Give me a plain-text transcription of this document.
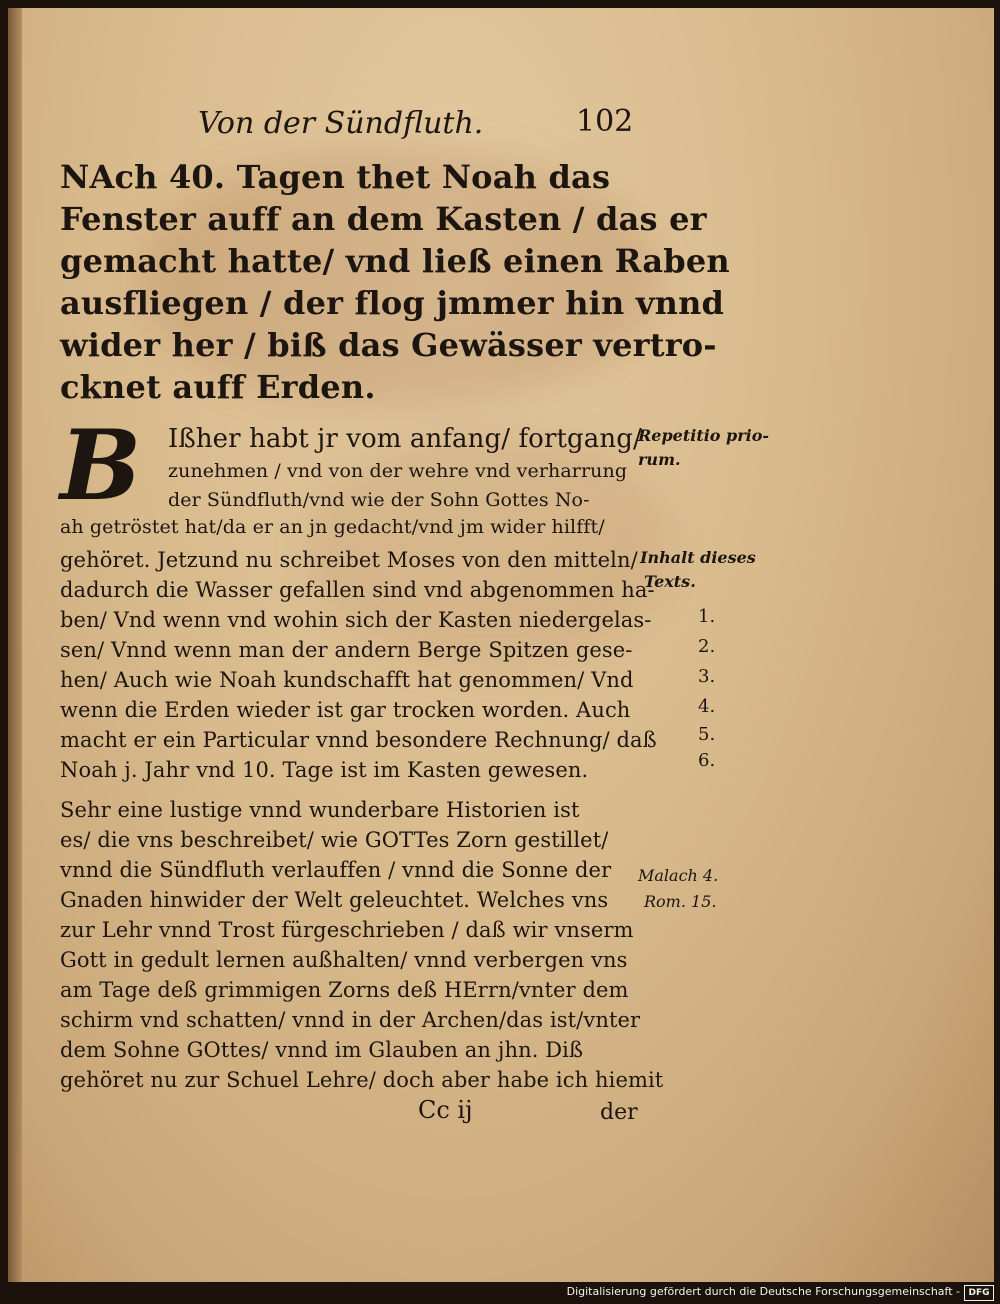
Von der Sündfluth.	102
NAch 40. Tagen thet Noah das
Fenster auff an dem Kasten / das er
gemacht hatte/ vnd ließ einen Raben
ausfliegen / der flog jmmer hin vnnd
wider her / biß das Gewässer vertro-
cknet auff Erden.
B	Ißher habt jr vom anfang/ fortgang/
zunehmen / vnd von der wehre vnd verharrung
der Sündfluth/vnd wie der Sohn Gottes No-
ah getröstet hat/da er an jn gedacht/vnd jm wider hilfft/
gehöret. Jetzund nu schreibet Moses von den mitteln/
dadurch die Wasser gefallen sind vnd abgenommen ha-
ben/ Vnd wenn vnd wohin sich der Kasten niedergelas-
sen/ Vnnd wenn man der andern Berge Spitzen gese-
hen/ Auch wie Noah kundschafft hat genommen/ Vnd
wenn die Erden wieder ist gar trocken worden. Auch
macht er ein Particular vnnd besondere Rechnung/ daß
Noah j. Jahr vnd 10. Tage ist im Kasten gewesen.
Sehr eine lustige vnnd wunderbare Historien ist
es/ die vns beschreibet/ wie GOTTes Zorn gestillet/
vnnd die Sündfluth verlauffen / vnnd die Sonne der
Gnaden hinwider der Welt geleuchtet. Welches vns
zur Lehr vnnd Trost fürgeschrieben / daß wir vnserm
Gott in gedult lernen außhalten/ vnnd verbergen vns
am Tage deß grimmigen Zorns deß HErrn/vnter dem
schirm vnd schatten/ vnnd in der Archen/das ist/vnter
dem Sohne GOttes/ vnnd im Glauben an jhn. Diß
gehöret nu zur Schuel Lehre/ doch aber habe ich hiemit
Cc ij	der
Repetitio prio-
rum.
Inhalt dieses
Texts.
1.
2.
3.
4.
5.
6.
Malach 4.
Rom. 15.
Digitalisierung gefördert durch die Deutsche Forschungsgemeinschaft - DFG
